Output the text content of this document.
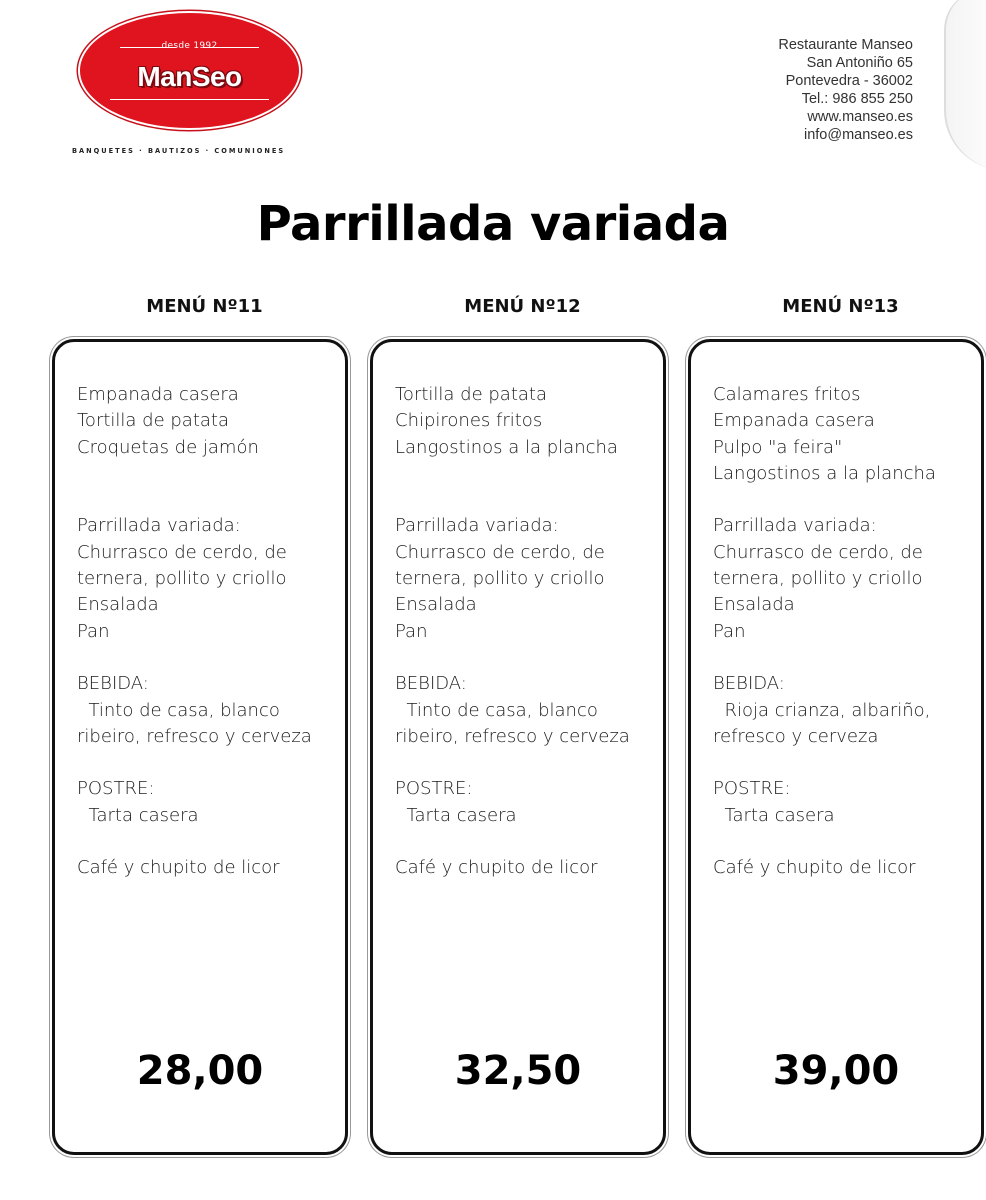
desde 1992
ManSeo
BANQUETES · BAUTIZOS · COMUNIONES
Restaurante Manseo
San Antoniño 65
Pontevedra - 36002
Tel.: 986 855 250
www.manseo.es
info@manseo.es
Parrillada variada
MENÚ Nº11
Empanada casera
Tortilla de patata
Croquetas de jamón
Parrillada variada:
Churrasco de cerdo, de
ternera, pollito y criollo
Ensalada
Pan
BEBIDA:
Tinto de casa, blanco
ribeiro, refresco y cerveza
POSTRE:
Tarta casera
Café y chupito de licor
28,00
MENÚ Nº12
Tortilla de patata
Chipirones fritos
Langostinos a la plancha
Parrillada variada:
Churrasco de cerdo, de
ternera, pollito y criollo
Ensalada
Pan
BEBIDA:
Tinto de casa, blanco
ribeiro, refresco y cerveza
POSTRE:
Tarta casera
Café y chupito de licor
32,50
MENÚ Nº13
Calamares fritos
Empanada casera
Pulpo "a feira"
Langostinos a la plancha
Parrillada variada:
Churrasco de cerdo, de
ternera, pollito y criollo
Ensalada
Pan
BEBIDA:
Rioja crianza, albariño,
refresco y cerveza
POSTRE:
Tarta casera
Café y chupito de licor
39,00
